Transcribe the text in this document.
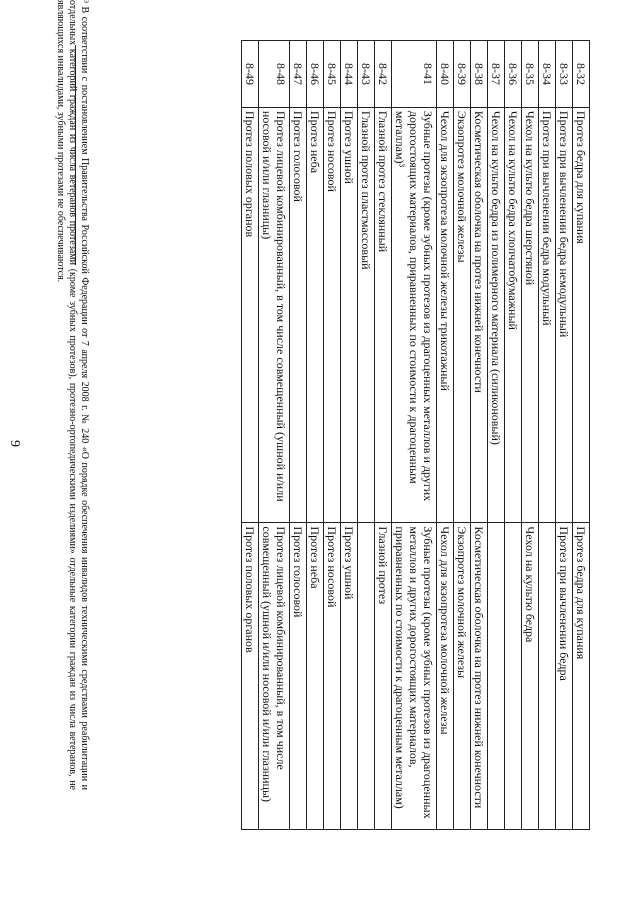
9
8-32	Протез бедра для купания	Протез бедра для купания
8-33	Протез при вычленении бедра немодульный	Протез при вычленении бедра
8-34	Протез при вычленении бедра модульный	
8-35	Чехол на культю бедра шерстяной	Чехол на культю бедра
8-36	Чехол на культю бедра хлопчатобумажный	
8-37	Чехол на культю бедра из полимерного материала (силиконовый)	
8-38	Косметическая оболочка на протез нижней конечности	Косметическая оболочка на протез нижней конечности
8-39	Экзопротез молочной железы	Экзопротез молочной железы
8-40	Чехол для экзопротеза молочной железы трикотажный	Чехол для экзопротеза молочной железы
8-41	Зубные протезы (кроме зубных протезов из драгоценных металлов и других дорогостоящих материалов, приравненных по стоимости к драгоценным металлам)³	Зубные протезы (кроме зубных протезов из драгоценных металлов и других дорогостоящих материалов, приравненных по стоимости к драгоценным металлам)
8-42	Глазной протез стеклянный	Глазной протез
8-43	Глазной протез пластмассовый	
8-44	Протез ушной	Протез ушной
8-45	Протез носовой	Протез носовой
8-46	Протез неба	Протез неба
8-47	Протез голосовой	Протез голосовой
8-48	Протез лицевой комбинированный, в том числе совмещенный (ушной и/или носовой и/или глазницы)	Протез лицевой комбинированный, в том числе совмещенный (ушной и/или носовой и/или глазницы)
8-49	Протез половых органов	Протез половых органов
³ В соответствии с постановлением Правительства Российской Федерации от 7 апреля 2008 г. № 240 «О порядке обеспечения инвалидов техническими средствами реабилитации и отдельных категорий граждан из числа ветеранов протезами (кроме зубных протезов), протезно-ортопедическими изделиями» отдельные категории граждан из числа ветеранов, не являющихся инвалидами, зубными протезами не обеспечиваются.
